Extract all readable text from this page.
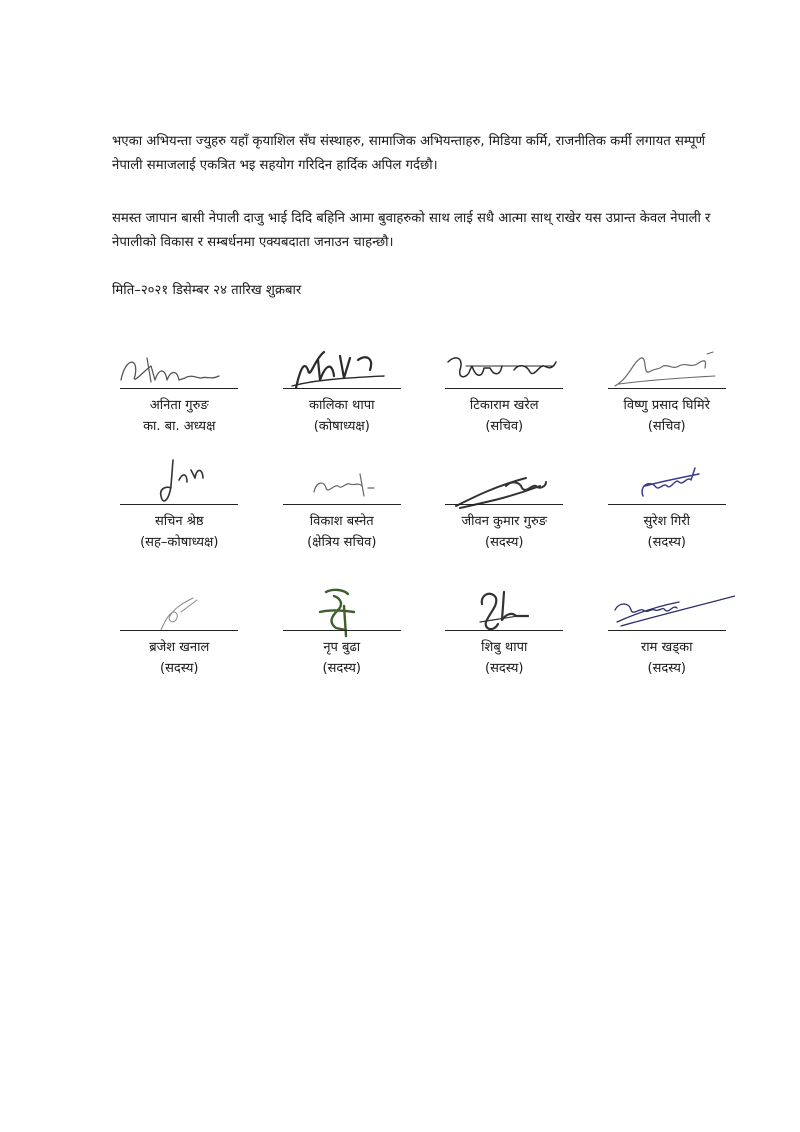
भएका अभियन्ता ज्युहरु यहाँ कृयाशिल सँघ संस्थाहरु, सामाजिक अभियन्ताहरु, मिडिया कर्मि, राजनीतिक कर्मी लगायत सम्पूर्ण नेपाली समाजलाई एकत्रित भइ सहयोग गरिदिन हार्दिक अपिल गर्दछौ।

समस्त जापान बासी नेपाली दाजु भाई दिदि बहिनि आमा बुवाहरुको साथ लाई सधै आत्मा साथ् राखेर यस उप्रान्त केवल नेपाली र नेपालीको विकास र सम्बर्धनमा एक्यबदाता जनाउन चाहन्छौ।

मिति–२०२१ डिसेम्बर २४ तारिख शुक्रबार

अनिता गुरुङ
का. बा. अध्यक्ष
कालिका थापा
(कोषाध्यक्ष)
टिकाराम खरेल
(सचिव)
विष्णु प्रसाद घिमिरे
(सचिव)
सचिन श्रेष्ठ
(सह–कोषाध्यक्ष)
विकाश बस्नेत
(क्षेत्रिय सचिव)
जीवन कुमार गुरुङ
(सदस्य)
सुरेश गिरी
(सदस्य)
ब्रजेश खनाल
(सदस्य)
नृप बुढा
(सदस्य)
शिबु थापा
(सदस्य)
राम खड्का
(सदस्य)
